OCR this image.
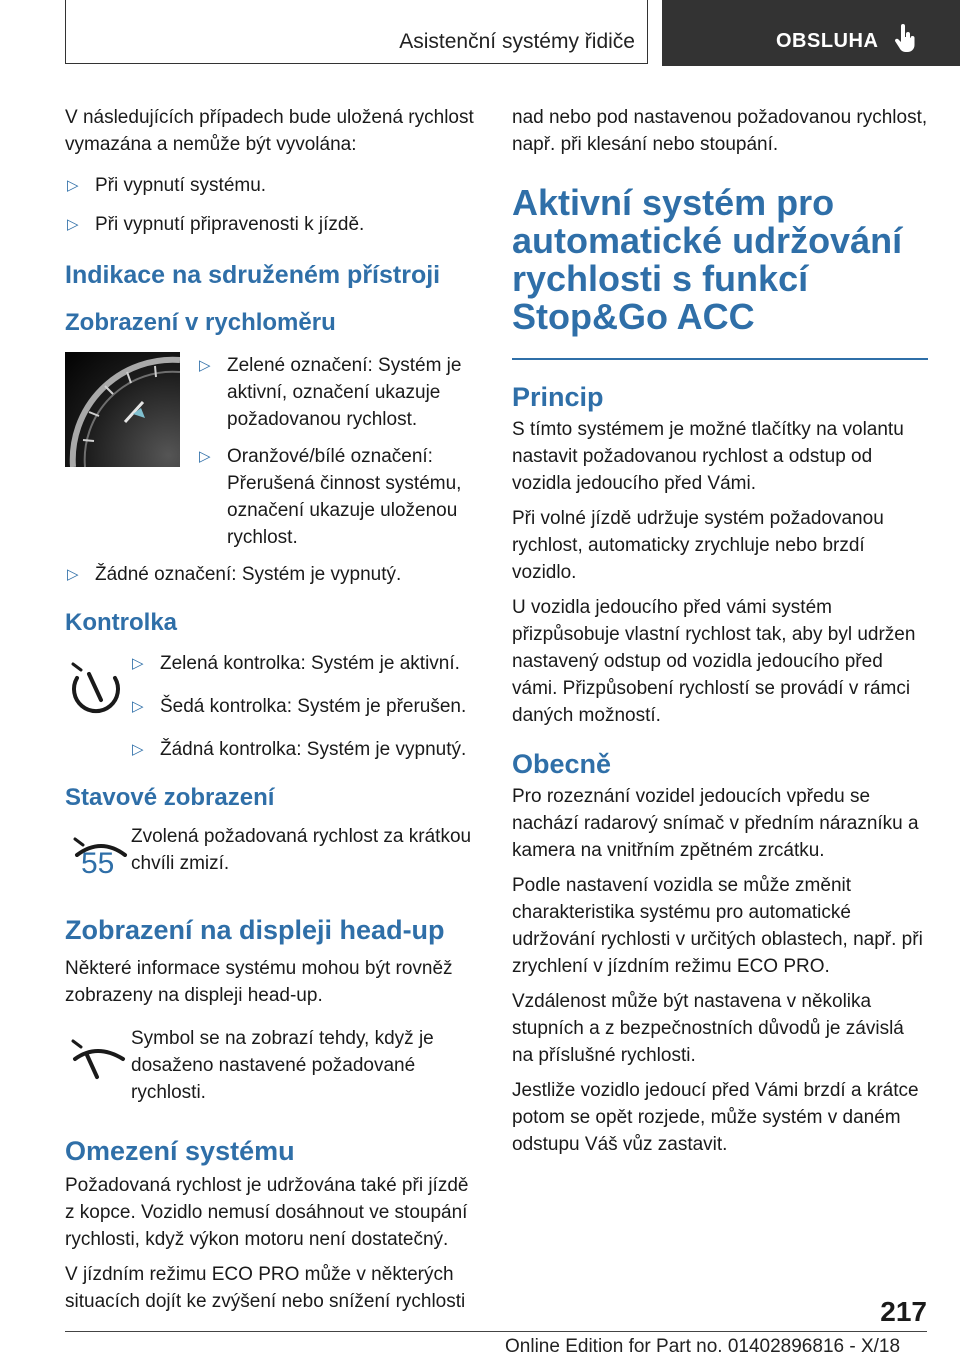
Asistenční systémy řidiče	OBSLUHA

V následujících případech bude uložená rychlost vymazána a nemůže být vyvolána:

▷ Při vypnutí systému.
▷ Při vypnutí připravenosti k jízdě.
Indikace na sdruženém přístroji
Zobrazení v rychloměru
▷ Zelené označení: Systém je aktivní, označení ukazuje požadovanou rychlost.
▷ Oranžové/bílé označení: Přerušená činnost systému, označení ukazuje uloženou rychlost.
▷ Žádné označení: Systém je vypnutý.
Kontrolka
▷ Zelená kontrolka: Systém je aktivní.
▷ Šedá kontrolka: Systém je přerušen.
▷ Žádná kontrolka: Systém je vypnutý.
Stavové zobrazení
55

Zvolená požadovaná rychlost za krátkou chvíli zmizí.

Zobrazení na displeji head-up

Některé informace systému mohou být rovněž zobrazeny na displeji head-up.

Symbol se na zobrazí tehdy, když je dosaženo nastavené požadované rychlosti.

Omezení systému

Požadovaná rychlost je udržována také při jízdě z kopce. Vozidlo nemusí dosáhnout ve stoupání rychlosti, když výkon motoru není dostatečný.

V jízdním režimu ECO PRO může v některých situacích dojít ke zvýšení nebo snížení rychlosti

nad nebo pod nastavenou požadovanou rychlost, např. při klesání nebo stoupání.

Aktivní systém pro automatické udržování rychlosti s funkcí Stop&Go ACC
Princip

S tímto systémem je možné tlačítky na volantu nastavit požadovanou rychlost a odstup od vozidla jedoucího před Vámi.

Při volné jízdě udržuje systém požadovanou rychlost, automaticky zrychluje nebo brzdí vozidlo.

U vozidla jedoucího před vámi systém přizpůsobuje vlastní rychlost tak, aby byl udržen nastavený odstup od vozidla jedoucího před vámi. Přizpůsobení rychlostí se provádí v rámci daných možností.

Obecně

Pro rozeznání vozidel jedoucích vpředu se nachází radarový snímač v předním nárazníku a kamera na vnitřním zpětném zrcátku.

Podle nastavení vozidla se může změnit charakteristika systému pro automatické udržování rychlosti v určitých oblastech, např. při zrychlení v jízdním režimu ECO PRO.

Vzdálenost může být nastavena v několika stupních a z bezpečnostních důvodů je závislá na příslušné rychlosti.

Jestliže vozidlo jedoucí před Vámi brzdí a krátce potom se opět rozjede, může systém v daném odstupu Váš vůz zastavit.

217
Online Edition for Part no. 01402896816 - X/18
